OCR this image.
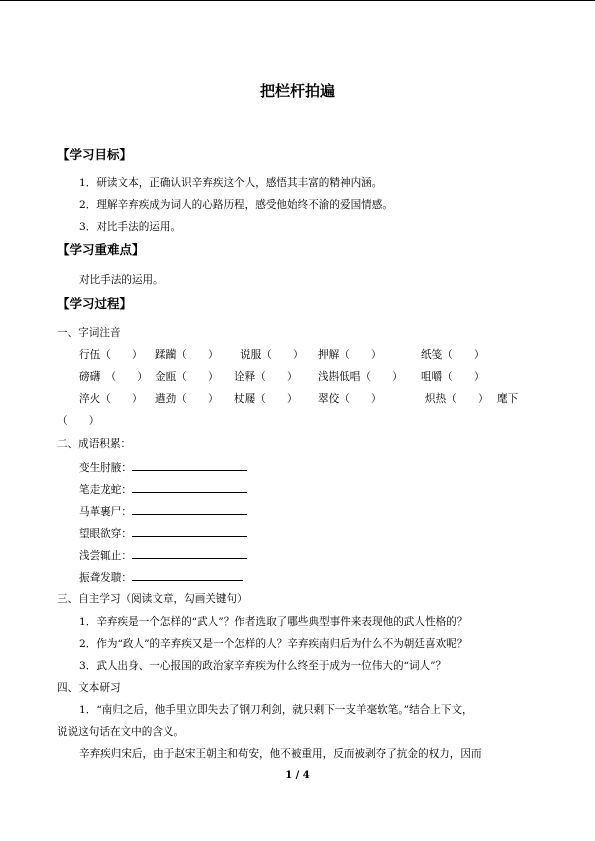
把栏杆拍遍
【学习目标】
1．研读文本，正确认识辛弃疾这个人，感悟其丰富的精神内涵。
2．理解辛弃疾成为词人的心路历程，感受他始终不渝的爱国情感。
3．对比手法的运用。
【学习重难点】
对比手法的运用。
【学习过程】
一、字词注音
行伍（　　） 蹂躏（　　） 说服（　　） 押解（　　）	纸笺（　　）
磅礴　（　　） 金瓯（　　） 诠释（　　） 浅斟低唱（　　） 咀嚼（　　）
淬火（　　） 遒劲（　　） 杖屦（　　） 翠佼（　　）	炽热（　　） 麾下
（　　）
二、成语积累：
变生肘腋：
笔走龙蛇：
马革裹尸：
望眼欲穿：
浅尝辄止：
振聋发聩：
三、自主学习（阅读文章，勾画关键句）
1．辛弃疾是一个怎样的“武人”？作者选取了哪些典型事件来表现他的武人性格的？
2．作为“政人”的辛弃疾又是一个怎样的人？辛弃疾南归后为什么不为朝廷喜欢呢？
3．武人出身、一心报国的政治家辛弃疾为什么终至于成为一位伟大的“词人”？
四、文本研习
1．“南归之后，他手里立即失去了钢刀利剑，就只剩下一支羊毫软笔。”结合上下文，
说说这句话在文中的含义。
辛弃疾归宋后，由于赵宋王朝主和苟安，他不被重用，反而被剥夺了抗金的权力，因而
1 / 4
